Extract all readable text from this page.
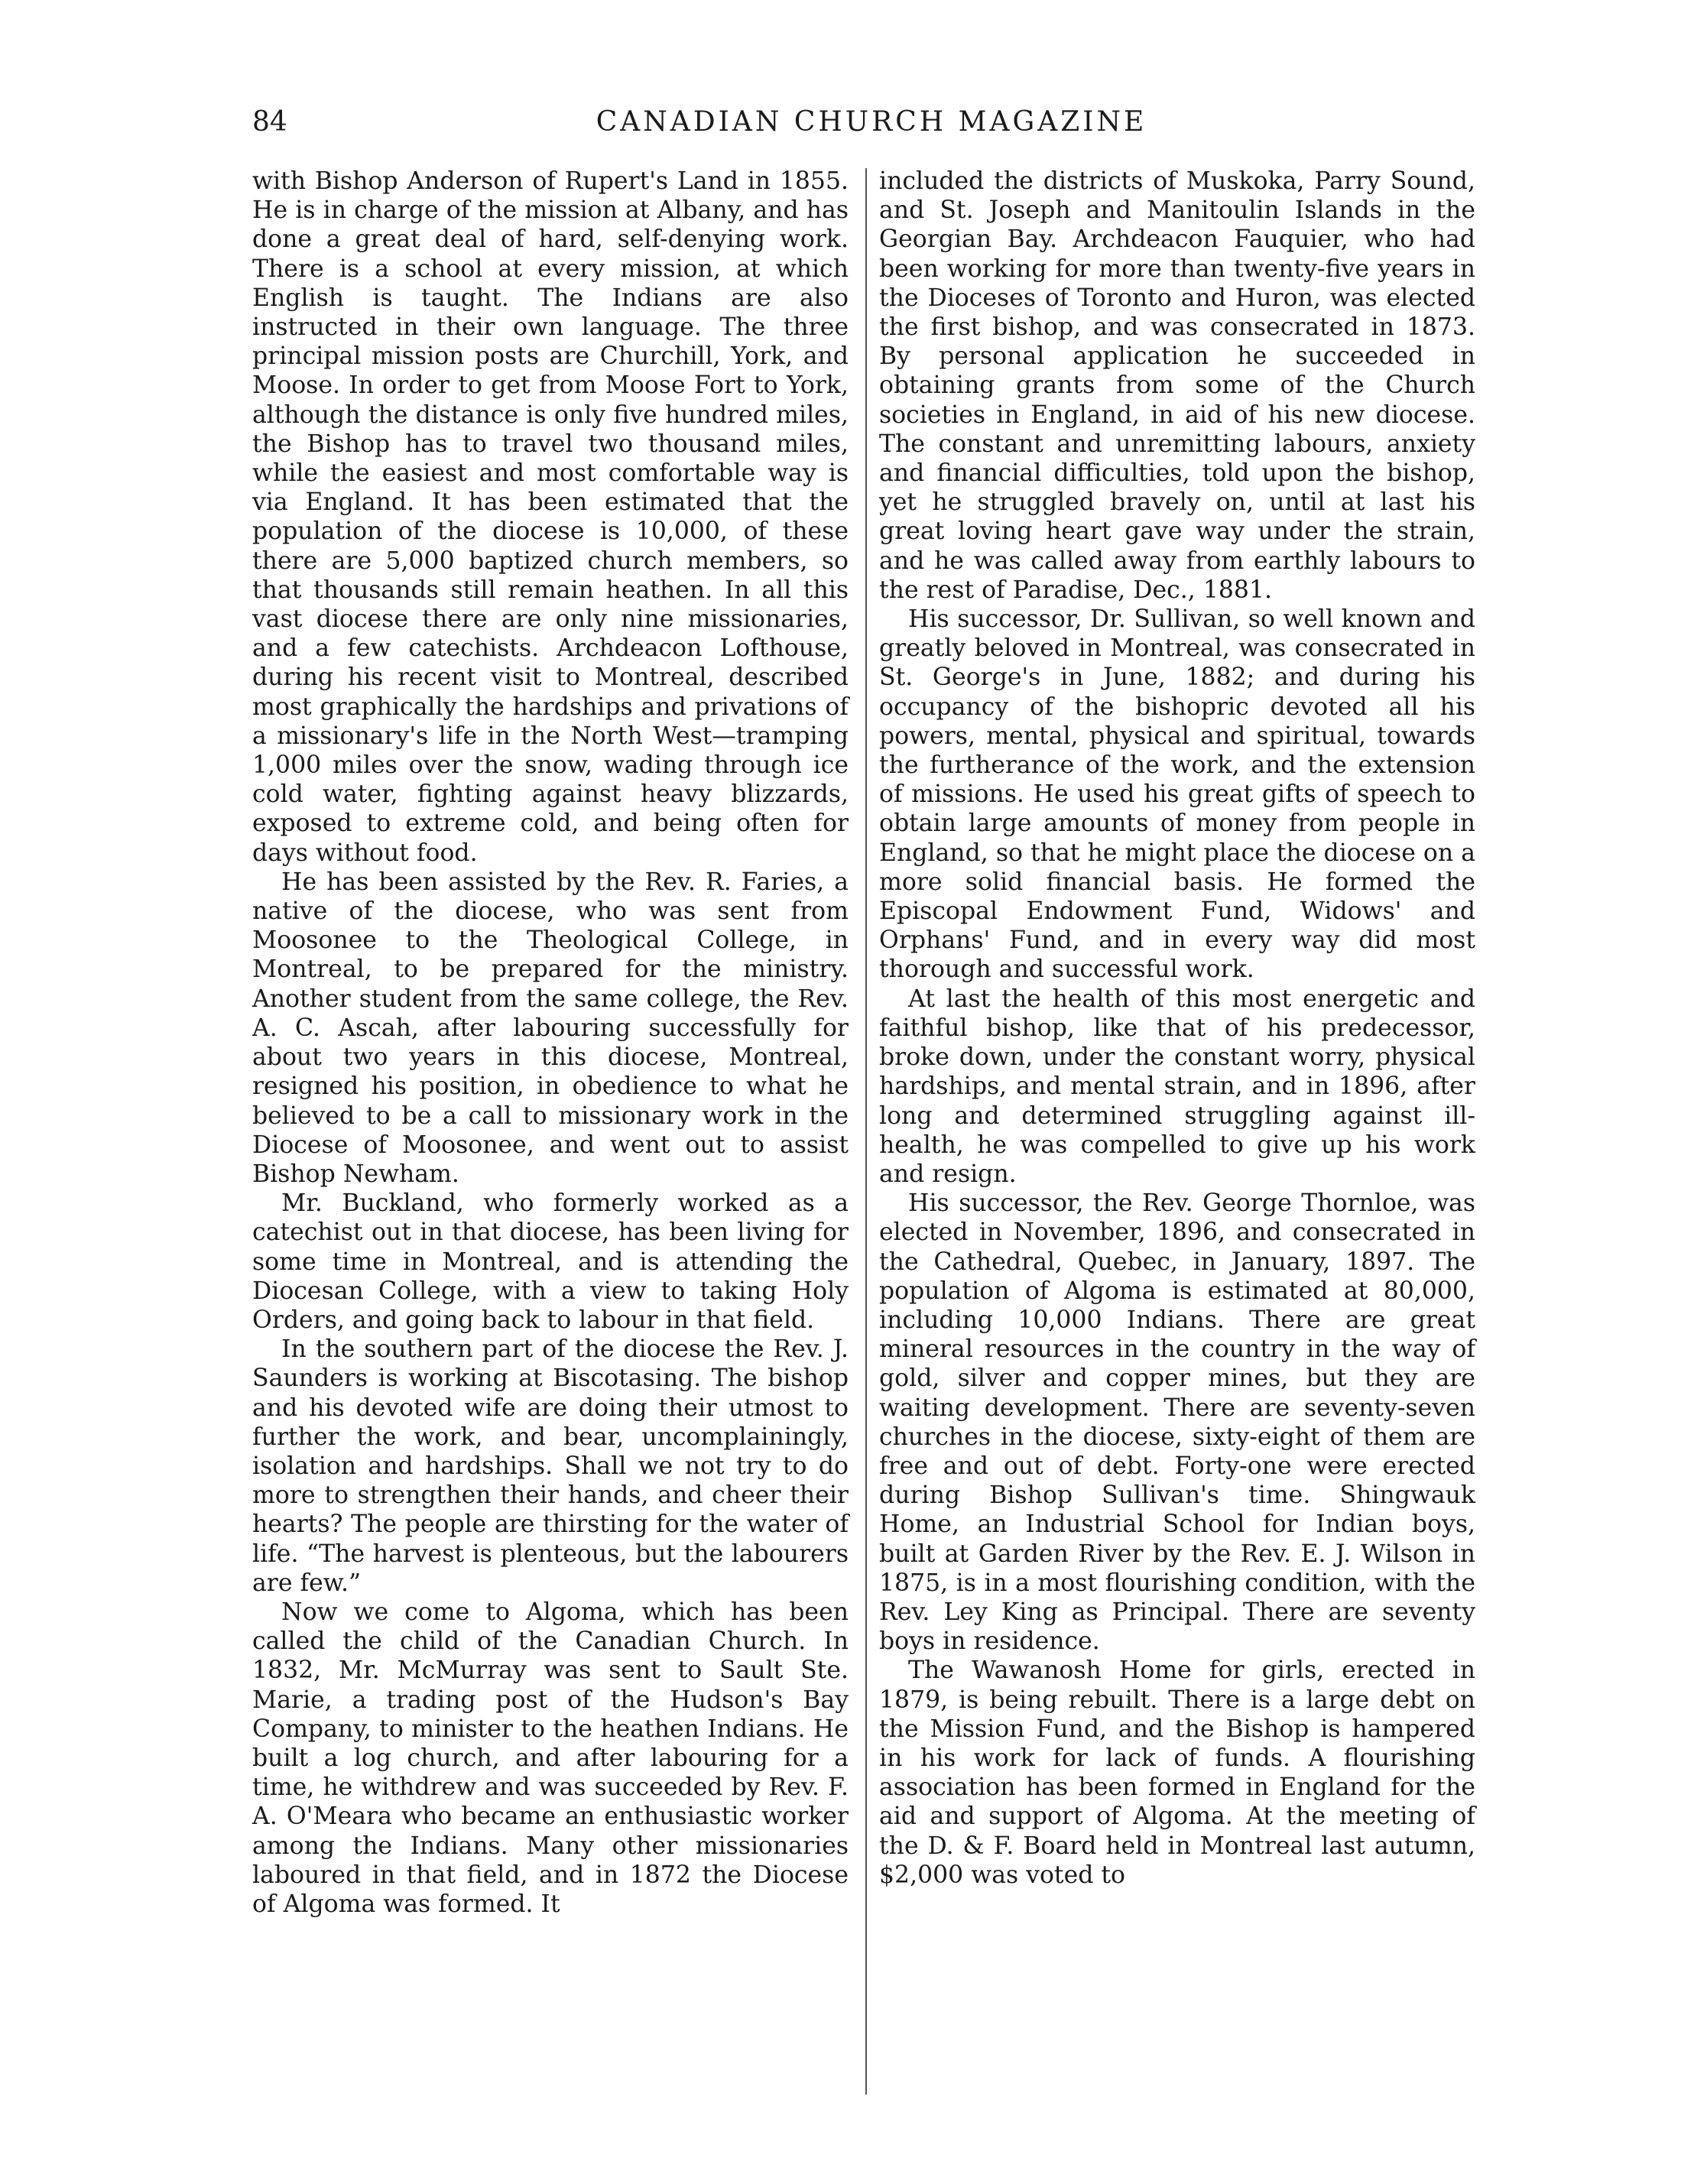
84	CANADIAN CHURCH MAGAZINE

with Bishop Anderson of Rupert's Land in 1855. He is in charge of the mission at Albany, and has done a great deal of hard, self-denying work. There is a school at every mission, at which English is taught. The Indians are also instructed in their own language. The three principal mission posts are Churchill, York, and Moose. In order to get from Moose Fort to York, although the distance is only five hundred miles, the Bishop has to travel two thousand miles, while the easiest and most comfortable way is via England. It has been estimated that the population of the diocese is 10,000, of these there are 5,000 baptized church members, so that thousands still remain heathen. In all this vast diocese there are only nine missionaries, and a few catechists. Archdeacon Lofthouse, during his recent visit to Montreal, described most graphically the hardships and privations of a missionary's life in the North West—tramping 1,000 miles over the snow, wading through ice cold water, fighting against heavy blizzards, exposed to extreme cold, and being often for days without food.

He has been assisted by the Rev. R. Faries, a native of the diocese, who was sent from Moosonee to the Theological College, in Montreal, to be prepared for the ministry. Another student from the same college, the Rev. A. C. Ascah, after labouring successfully for about two years in this diocese, Montreal, resigned his position, in obedience to what he believed to be a call to missionary work in the Diocese of Moosonee, and went out to assist Bishop Newham.

Mr. Buckland, who formerly worked as a catechist out in that diocese, has been living for some time in Montreal, and is attending the Diocesan College, with a view to taking Holy Orders, and going back to labour in that field.

In the southern part of the diocese the Rev. J. Saunders is working at Biscotasing. The bishop and his devoted wife are doing their utmost to further the work, and bear, uncomplainingly, isolation and hardships. Shall we not try to do more to strengthen their hands, and cheer their hearts? The people are thirsting for the water of life. “The harvest is plenteous, but the labourers are few.”

Now we come to Algoma, which has been called the child of the Canadian Church. In 1832, Mr. McMurray was sent to Sault Ste. Marie, a trading post of the Hudson's Bay Company, to minister to the heathen Indians. He built a log church, and after labouring for a time, he withdrew and was succeeded by Rev. F. A. O'Meara who became an enthusiastic worker among the Indians. Many other missionaries laboured in that field, and in 1872 the Diocese of Algoma was formed. It

included the districts of Muskoka, Parry Sound, and St. Joseph and Manitoulin Islands in the Georgian Bay. Archdeacon Fauquier, who had been working for more than twenty-five years in the Dioceses of Toronto and Huron, was elected the first bishop, and was consecrated in 1873. By personal application he succeeded in obtaining grants from some of the Church societies in England, in aid of his new diocese. The constant and unremitting labours, anxiety and financial difficulties, told upon the bishop, yet he struggled bravely on, until at last his great loving heart gave way under the strain, and he was called away from earthly labours to the rest of Paradise, Dec., 1881.

His successor, Dr. Sullivan, so well known and greatly beloved in Montreal, was consecrated in St. George's in June, 1882; and during his occupancy of the bishopric devoted all his powers, mental, physical and spiritual, towards the furtherance of the work, and the extension of missions. He used his great gifts of speech to obtain large amounts of money from people in England, so that he might place the diocese on a more solid financial basis. He formed the Episcopal Endowment Fund, Widows' and Orphans' Fund, and in every way did most thorough and successful work.

At last the health of this most energetic and faithful bishop, like that of his predecessor, broke down, under the constant worry, physical hardships, and mental strain, and in 1896, after long and determined struggling against ill-health, he was compelled to give up his work and resign.

His successor, the Rev. George Thornloe, was elected in November, 1896, and consecrated in the Cathedral, Quebec, in January, 1897. The population of Algoma is estimated at 80,000, including 10,000 Indians. There are great mineral resources in the country in the way of gold, silver and copper mines, but they are waiting development. There are seventy-seven churches in the diocese, sixty-eight of them are free and out of debt. Forty-one were erected during Bishop Sullivan's time. Shingwauk Home, an Industrial School for Indian boys, built at Garden River by the Rev. E. J. Wilson in 1875, is in a most flourishing condition, with the Rev. Ley King as Principal. There are seventy boys in residence.

The Wawanosh Home for girls, erected in 1879, is being rebuilt. There is a large debt on the Mission Fund, and the Bishop is hampered in his work for lack of funds. A flourishing association has been formed in England for the aid and support of Algoma. At the meeting of the D. & F. Board held in Montreal last autumn, $2,000 was voted to
